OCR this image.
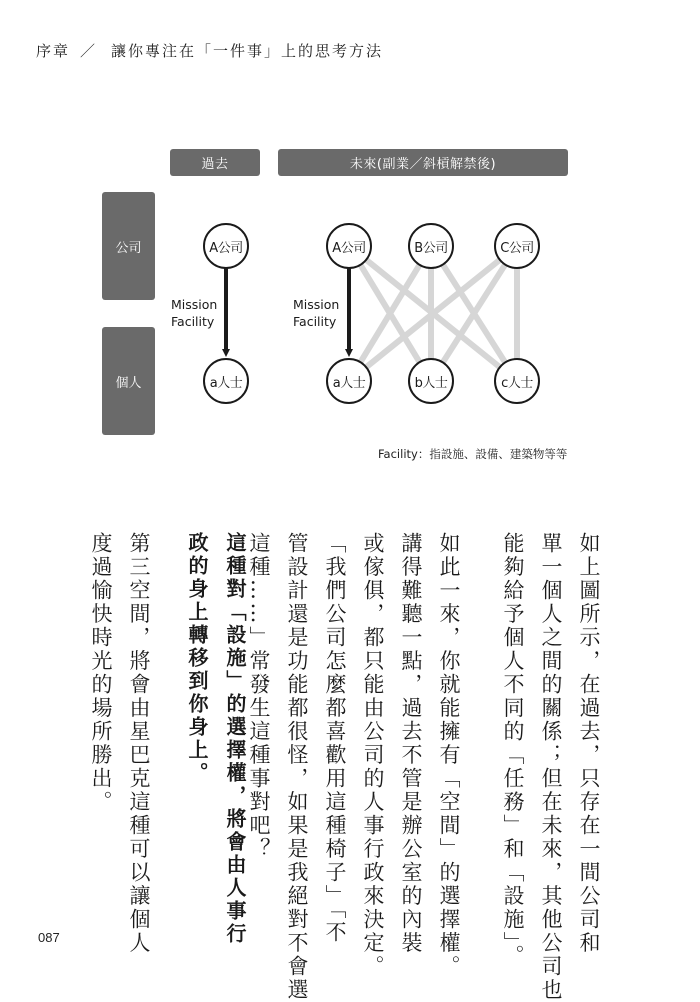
序章 ／ 讓你專注在「一件事」上的思考方法
過去	未來(副業／斜槓解禁後)
公司
個人
A公司
a人士
A公司	B公司	C公司
a人士	b人士	c人士
Mission
Facility
Mission
Facility
Facility：指設施、設備、建築物等等
如上圖所示，在過去，只存在一間公司和
單一個人之間的關係；但在未來，其他公司也
能夠給予個人不同的「任務」和「設施」。
如此一來，你就能擁有「空間」的選擇權。
講得難聽一點，過去不管是辦公室的內裝
或傢俱，都只能由公司的人事行政來決定。
「我們公司怎麼都喜歡用這種椅子」「不
管設計還是功能都很怪，如果是我絕對不會選
這種……」常發生這種事對吧？
這種對「設施」的選擇權，將會由人事行
政的身上轉移到你身上。
第三空間，將會由星巴克這種可以讓個人
度過愉快時光的場所勝出。
087
